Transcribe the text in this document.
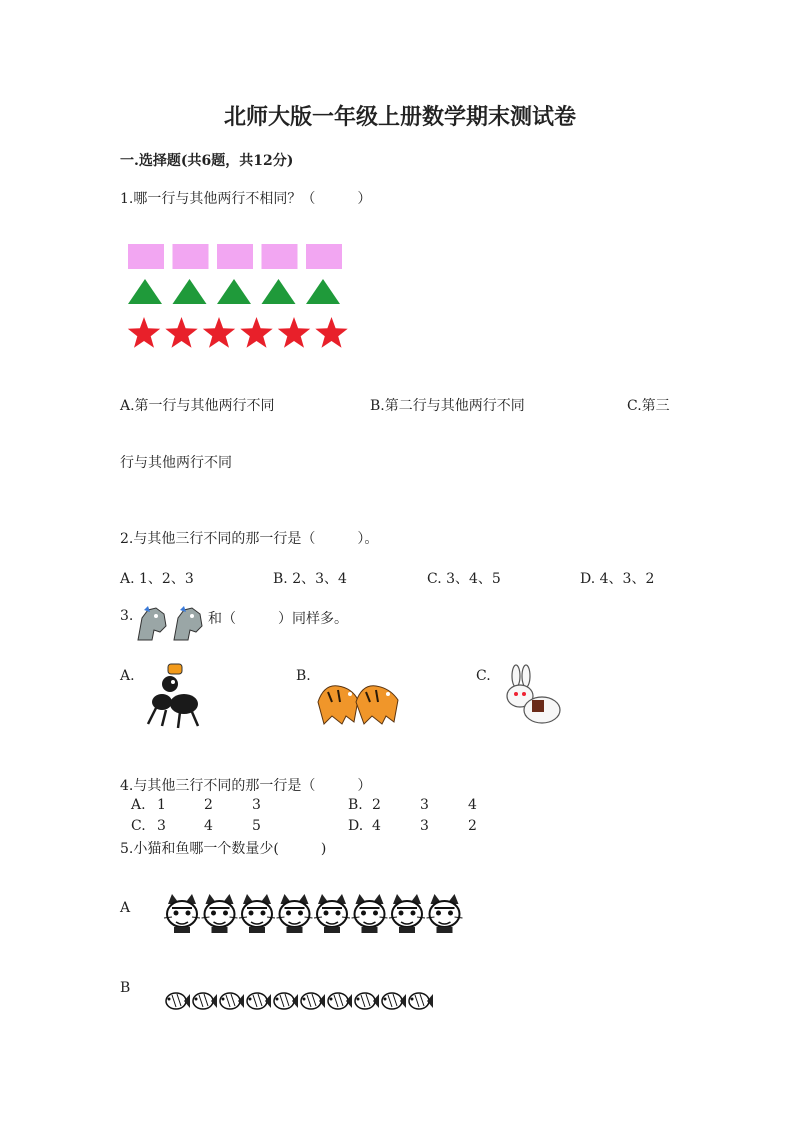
北师大版一年级上册数学期末测试卷
一.选择题(共6题，共12分)
1.哪一行与其他两行不相同？（　　　）
A.第一行与其他两行不同	B.第二行与其他两行不同	C.第三
行与其他两行不同
2.与其他三行不同的那一行是（　　　）。
A. 1、2、3	B. 2、3、4	C. 3、4、5	D. 4、3、2
3.	和（　　　）同样多。
A.	B.	C.
4.与其他三行不同的那一行是（　　　）
A. 1	2	3	B. 2	3	4
C. 3	4	5	D. 4	3	2
5.小猫和鱼哪一个数量少(　　　)
A
B
